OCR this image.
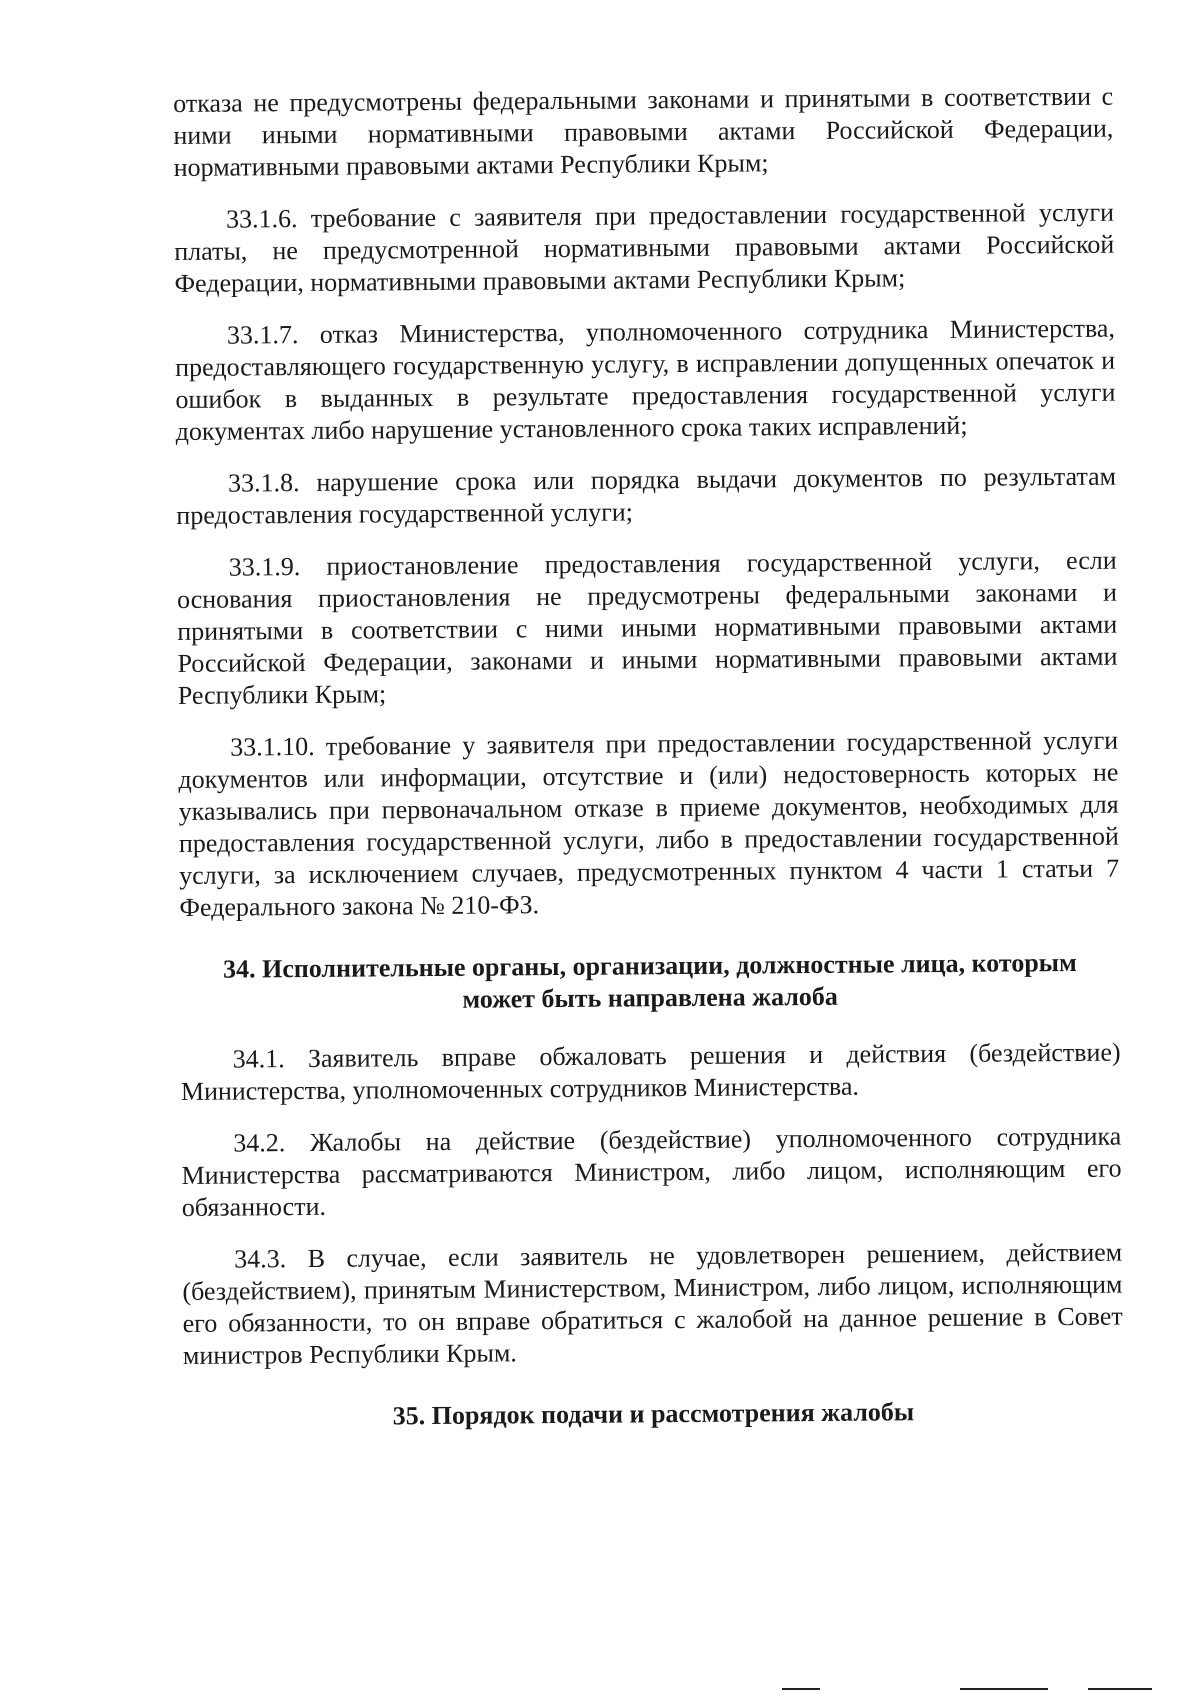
отказа не предусмотрены федеральными законами и принятыми в соответствии с ними иными нормативными правовыми актами Российской Федерации, нормативными правовыми актами Республики Крым;

33.1.6. требование с заявителя при предоставлении государственной услуги платы, не предусмотренной нормативными правовыми актами Российской Федерации, нормативными правовыми актами Республики Крым;

33.1.7. отказ Министерства, уполномоченного сотрудника Министерства, предоставляющего государственную услугу, в исправлении допущенных опечаток и ошибок в выданных в результате предоставления государственной услуги документах либо нарушение установленного срока таких исправлений;

33.1.8. нарушение срока или порядка выдачи документов по результатам предоставления государственной услуги;

33.1.9. приостановление предоставления государственной услуги, если основания приостановления не предусмотрены федеральными законами и принятыми в соответствии с ними иными нормативными правовыми актами Российской Федерации, законами и иными нормативными правовыми актами Республики Крым;

33.1.10. требование у заявителя при предоставлении государственной услуги документов или информации, отсутствие и (или) недостоверность которых не указывались при первоначальном отказе в приеме документов, необходимых для предоставления государственной услуги, либо в предоставлении государственной услуги, за исключением случаев, предусмотренных пунктом 4 части 1 статьи 7 Федерального закона № 210-ФЗ.

34. Исполнительные органы, организации, должностные лица, которым
может быть направлена жалоба

34.1. Заявитель вправе обжаловать решения и действия (бездействие) Министерства, уполномоченных сотрудников Министерства.

34.2. Жалобы на действие (бездействие) уполномоченного сотрудника Министерства рассматриваются Министром, либо лицом, исполняющим его обязанности.

34.3. В случае, если заявитель не удовлетворен решением, действием (бездействием), принятым Министерством, Министром, либо лицом, исполняющим его обязанности, то он вправе обратиться с жалобой на данное решение в Совет министров Республики Крым.

35. Порядок подачи и рассмотрения жалобы
